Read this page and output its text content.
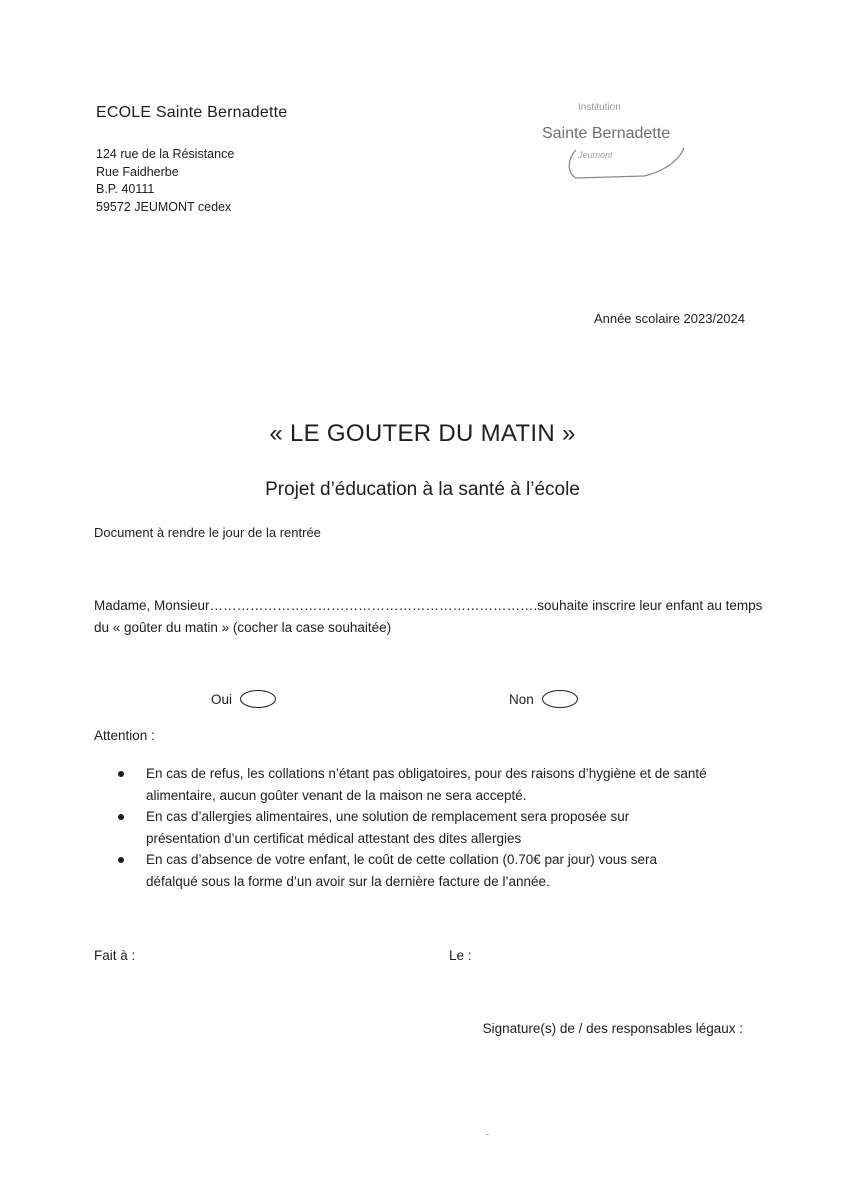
ECOLE Sainte Bernadette
124 rue de la Résistance
Rue Faidherbe
B.P. 40111
59572 JEUMONT cedex
Institution
Sainte Bernadette
Jeumont
Année scolaire 2023/2024
« LE GOUTER DU MATIN »
Projet d’éducation à la santé à l’école
Document à rendre le jour de la rentrée
Madame, Monsieur……………………………………………………………….souhaite inscrire leur enfant au temps
du « goûter du matin » (cocher la case souhaitée)
Oui	Non
Attention :
En cas de refus, les collations n’étant pas obligatoires, pour des raisons d’hygiène et de santé
alimentaire, aucun goûter venant de la maison ne sera accepté.
En cas d’allergies alimentaires, une solution de remplacement sera proposée sur
présentation d’un certificat médical attestant des dites allergies
En cas d’absence de votre enfant, le coût de cette collation (0.70€ par jour) vous sera
défalqué sous la forme d’un avoir sur la dernière facture de l’année.
Fait à :	Le :
Signature(s) de / des responsables légaux :
